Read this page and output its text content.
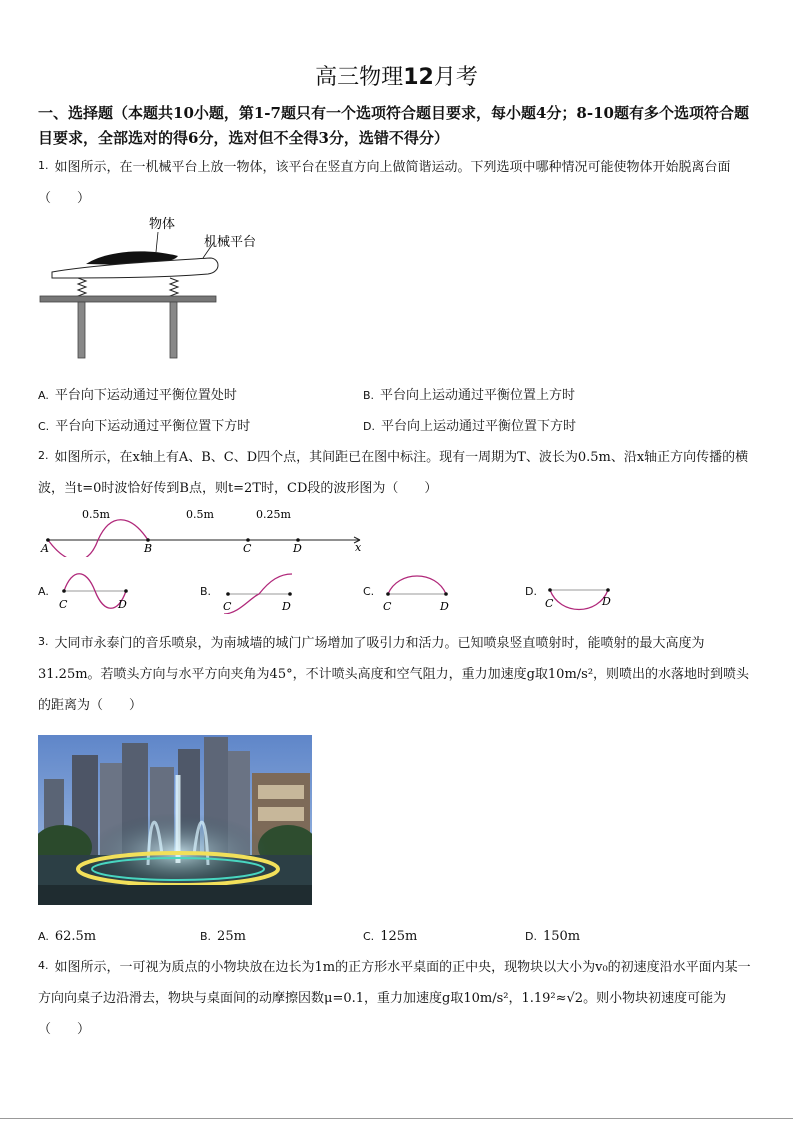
高三物理12月考
一、选择题（本题共10小题，第1-7题只有一个选项符合题目要求，每小题4分；8-10题有多个选项符合题目要求，全部选对的得6分，选对但不全得3分，选错不得分）
1. 如图所示，在一机械平台上放一物体，该平台在竖直方向上做简谐运动。下列选项中哪种情况可能使物体开始脱离台面（　　）
物体
机械平台
A. 平台向下运动通过平衡位置处时	B. 平台向上运动通过平衡位置上方时
C. 平台向下运动通过平衡位置下方时	D. 平台向上运动通过平衡位置下方时
2. 如图所示，在x轴上有A、B、C、D四个点，其间距已在图中标注。现有一周期为T、波长为0.5m、沿x轴正方向传播的横波，当t=0时波恰好传到B点，则t=2T时，CD段的波形图为（　　）
0.5m	0.5m	0.25m
A	B	C	D	x
A.
C	D
B.
C	D
C.
C	D
D.
C	D
3. 大同市永泰门的音乐喷泉，为南城墙的城门广场增加了吸引力和活力。已知喷泉竖直喷射时，能喷射的最大高度为31.25m。若喷头方向与水平方向夹角为45°，不计喷头高度和空气阻力，重力加速度g取10m/s²，则喷出的水落地时到喷头的距离为（　　）
A. 62.5m	B. 25m	C. 125m	D. 150m
4. 如图所示，一可视为质点的小物块放在边长为1m的正方形水平桌面的正中央，现物块以大小为v₀的初速度沿水平面内某一方向向桌子边沿滑去，物块与桌面间的动摩擦因数μ=0.1，重力加速度g取10m/s²，1.19²≈√2。则小物块初速度可能为（　　）
